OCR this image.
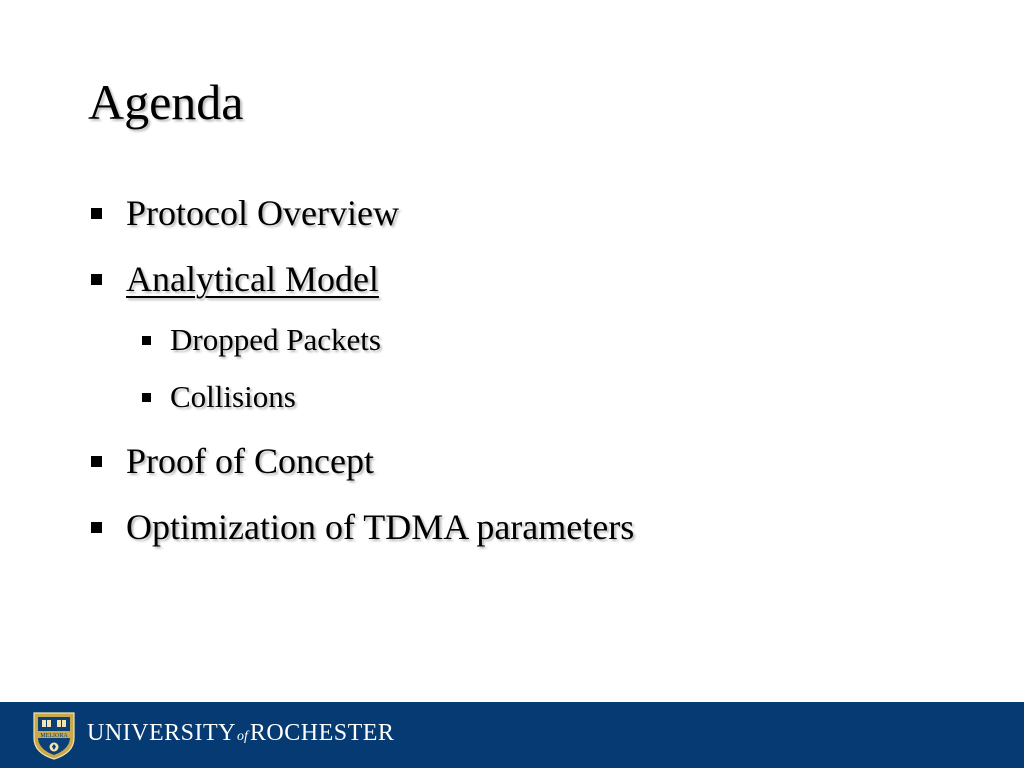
Agenda
Protocol Overview
Analytical Model
Dropped Packets
Collisions
Proof of Concept
Optimization of TDMA parameters
MELIORA UNIVERSITYofROCHESTER
